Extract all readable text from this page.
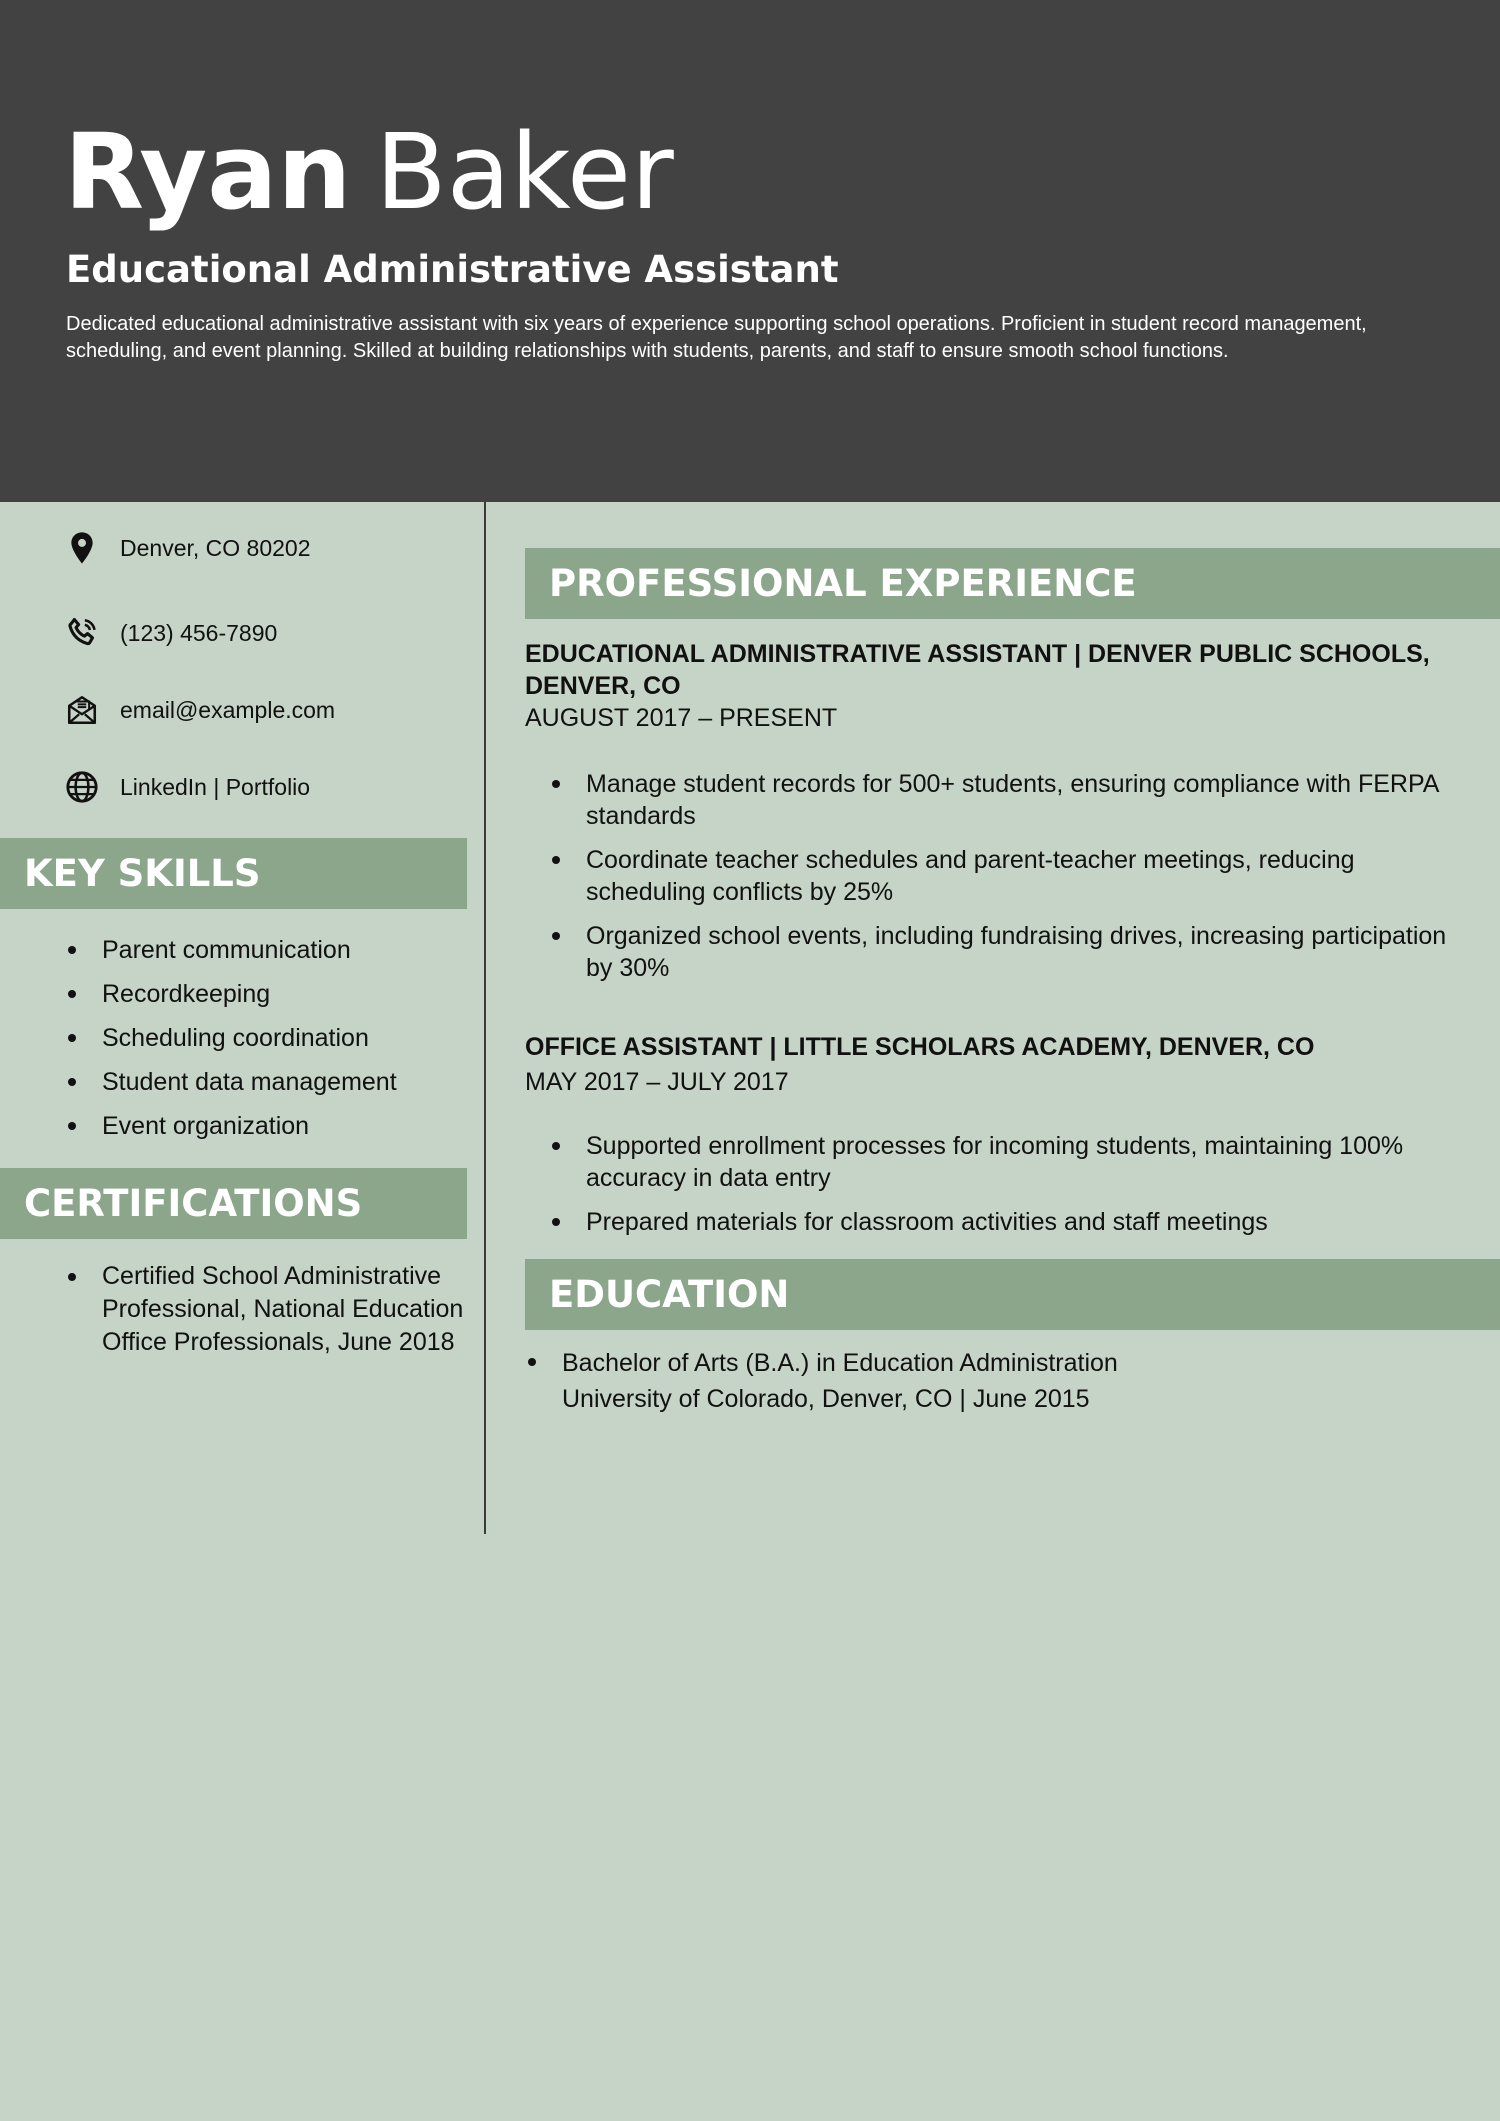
Ryan Baker
Educational Administrative Assistant

Dedicated educational administrative assistant with six years of experience supporting school operations. Proficient in student record management, scheduling, and event planning. Skilled at building relationships with students, parents, and staff to ensure smooth school functions.

Denver, CO 80202
(123) 456-7890
email@example.com
LinkedIn | Portfolio
KEY SKILLS
Parent communication
Recordkeeping
Scheduling coordination
Student data management
Event organization
CERTIFICATIONS
Certified School Administrative Professional, National Education Office Professionals, June 2018
PROFESSIONAL EXPERIENCE
EDUCATIONAL ADMINISTRATIVE ASSISTANT | DENVER PUBLIC SCHOOLS, DENVER, CO
AUGUST 2017 – PRESENT
Manage student records for 500+ students, ensuring compliance with FERPA standards
Coordinate teacher schedules and parent-teacher meetings, reducing scheduling conflicts by 25%
Organized school events, including fundraising drives, increasing participation by 30%
OFFICE ASSISTANT | LITTLE SCHOLARS ACADEMY, DENVER, CO
MAY 2017 – JULY 2017
Supported enrollment processes for incoming students, maintaining 100% accuracy in data entry
Prepared materials for classroom activities and staff meetings
EDUCATION
Bachelor of Arts (B.A.) in Education Administration
University of Colorado, Denver, CO | June 2015
